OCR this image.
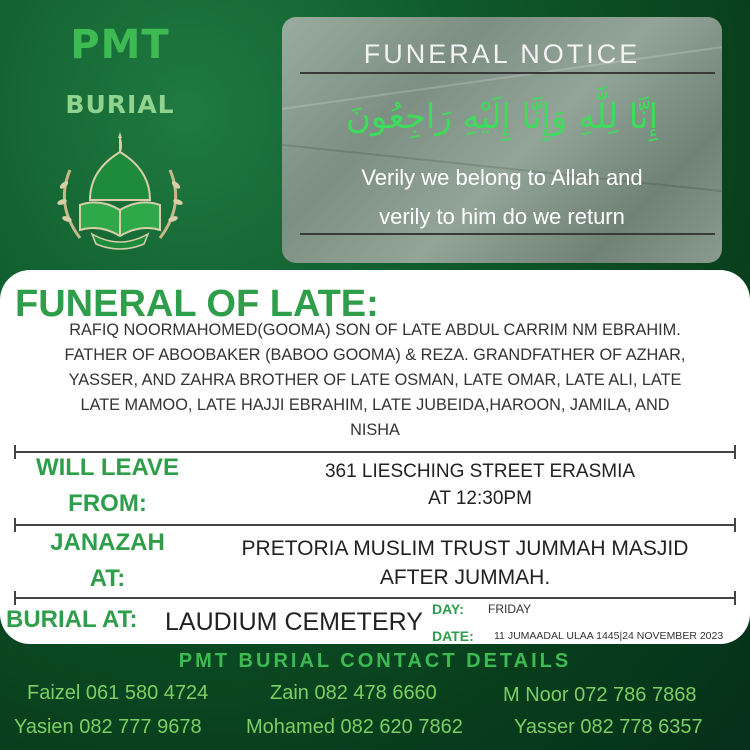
PMT
BURIAL
FUNERAL NOTICE
إِنَّا لِلَّهِ وَإِنَّا إِلَيْهِ رَاجِعُونَ
Verily we belong to Allah and
verily to him do we return
FUNERAL OF LATE:
RAFIQ NOORMAHOMED(GOOMA) SON OF LATE ABDUL CARRIM NM EBRAHIM.
FATHER OF ABOOBAKER (BABOO GOOMA) & REZA. GRANDFATHER OF AZHAR,
YASSER, AND ZAHRA BROTHER OF LATE OSMAN, LATE OMAR, LATE ALI, LATE
LATE MAMOO, LATE HAJJI EBRAHIM, LATE JUBEIDA,HAROON, JAMILA, AND
NISHA
WILL LEAVE
FROM:
361 LIESCHING STREET ERASMIA
AT 12:30PM
JANAZAH
AT:
PRETORIA MUSLIM TRUST JUMMAH MASJID
AFTER JUMMAH.
BURIAL AT: LAUDIUM CEMETERY DAY: FRIDAY
DATE: 11 JUMAADAL ULAA 1445|24 NOVEMBER 2023
PMT BURIAL CONTACT DETAILS
Faizel 061 580 4724	Zain 082 478 6660	M Noor 072 786 7868
Yasien 082 777 9678 Mohamed 082 620 7862	Yasser 082 778 6357
